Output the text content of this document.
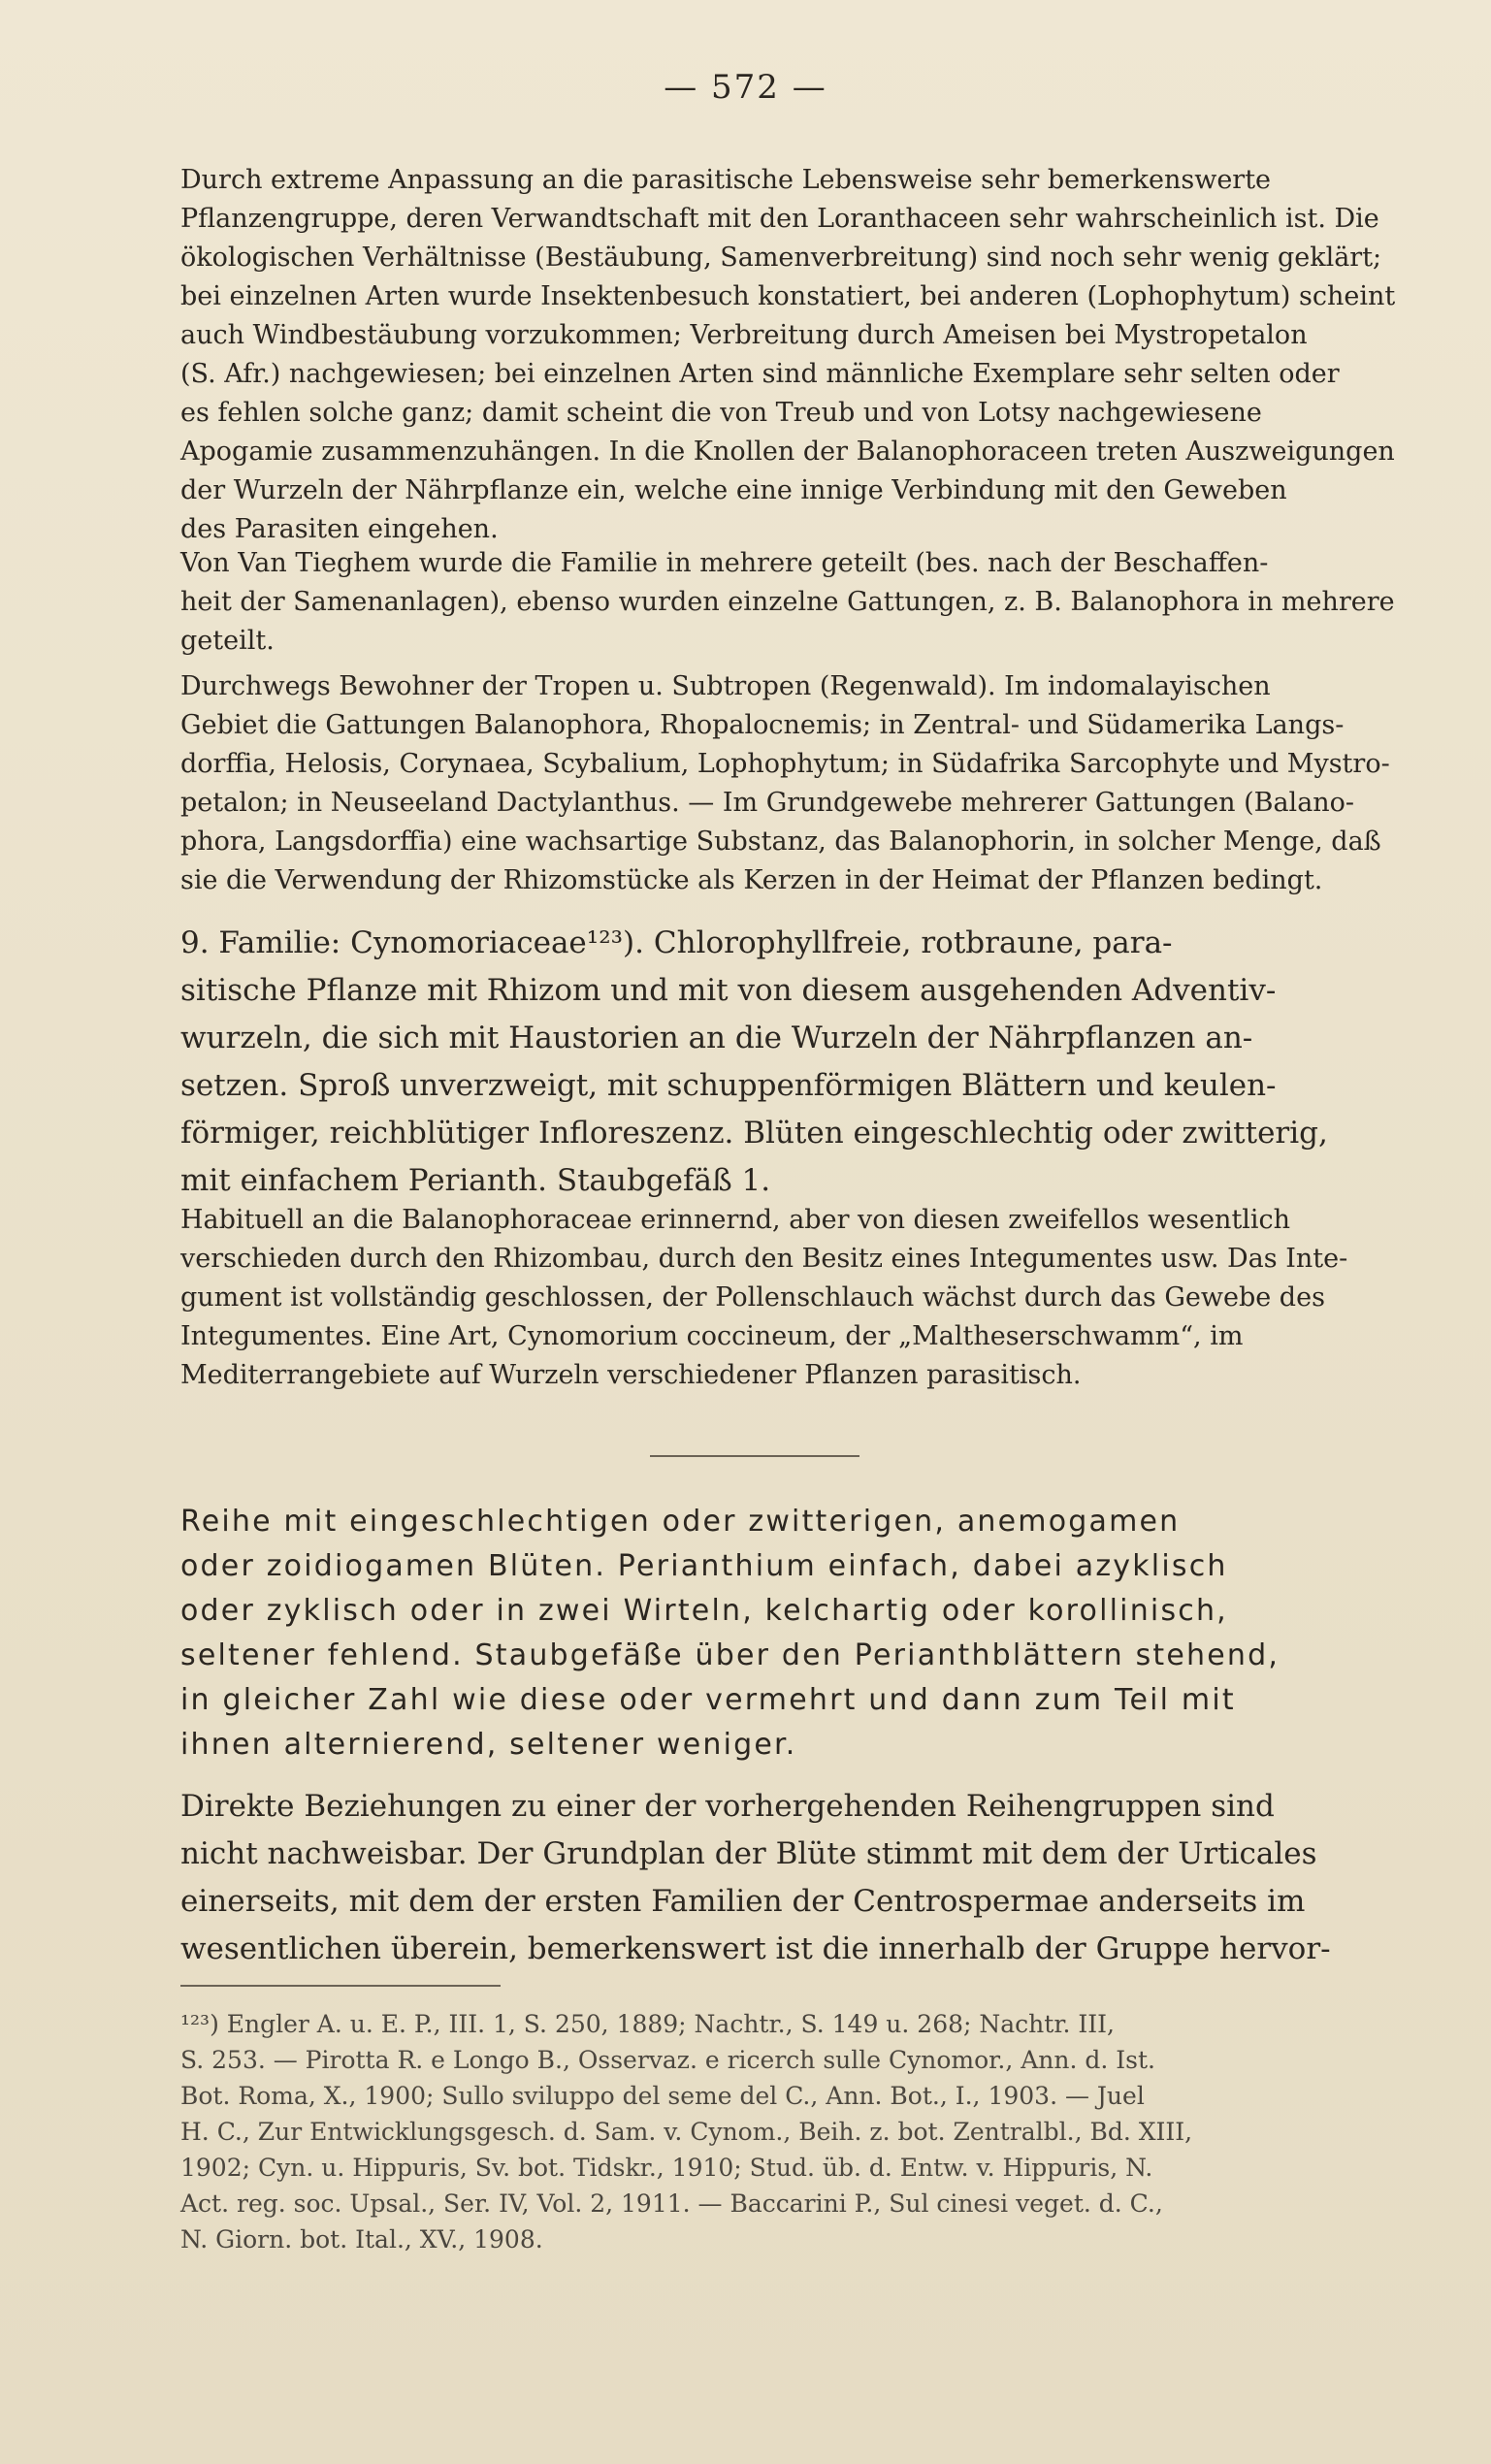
— 572 —
Durch extreme Anpassung an die parasitische Lebensweise sehr bemerkenswerte
Pflanzengruppe, deren Verwandtschaft mit den Loranthaceen sehr wahrscheinlich ist. Die
ökologischen Verhältnisse (Bestäubung, Samenverbreitung) sind noch sehr wenig geklärt;
bei einzelnen Arten wurde Insektenbesuch konstatiert, bei anderen (Lophophytum) scheint
auch Windbestäubung vorzukommen; Verbreitung durch Ameisen bei Mystropetalon
(S. Afr.) nachgewiesen; bei einzelnen Arten sind männliche Exemplare sehr selten oder
es fehlen solche ganz; damit scheint die von Treub und von Lotsy nachgewiesene
Apogamie zusammenzuhängen. In die Knollen der Balanophoraceen treten Auszweigungen
der Wurzeln der Nährpflanze ein, welche eine innige Verbindung mit den Geweben
des Parasiten eingehen.
Von Van Tieghem wurde die Familie in mehrere geteilt (bes. nach der Beschaffen-
heit der Samenanlagen), ebenso wurden einzelne Gattungen, z. B. Balanophora in mehrere
geteilt.
Durchwegs Bewohner der Tropen u. Subtropen (Regenwald). Im indomalayischen
Gebiet die Gattungen Balanophora, Rhopalocnemis; in Zentral- und Südamerika Langs-
dorffia, Helosis, Corynaea, Scybalium, Lophophytum; in Südafrika Sarcophyte und Mystro-
petalon; in Neuseeland Dactylanthus. — Im Grundgewebe mehrerer Gattungen (Balano-
phora, Langsdorffia) eine wachsartige Substanz, das Balanophorin, in solcher Menge, daß
sie die Verwendung der Rhizomstücke als Kerzen in der Heimat der Pflanzen bedingt.
9. Familie: Cynomoriaceae¹²³). Chlorophyllfreie, rotbraune, para-
sitische Pflanze mit Rhizom und mit von diesem ausgehenden Adventiv-
wurzeln, die sich mit Haustorien an die Wurzeln der Nährpflanzen an-
setzen. Sproß unverzweigt, mit schuppenförmigen Blättern und keulen-
förmiger, reichblütiger Infloreszenz. Blüten eingeschlechtig oder zwitterig,
mit einfachem Perianth. Staubgefäß 1.
Habituell an die Balanophoraceae erinnernd, aber von diesen zweifellos wesentlich
verschieden durch den Rhizombau, durch den Besitz eines Integumentes usw. Das Inte-
gument ist vollständig geschlossen, der Pollenschlauch wächst durch das Gewebe des
Integumentes. Eine Art, Cynomorium coccineum, der „Maltheserschwamm“, im
Mediterrangebiete auf Wurzeln verschiedener Pflanzen parasitisch.
Reihe mit eingeschlechtigen oder zwitterigen, anemogamen
oder zoidiogamen Blüten. Perianthium einfach, dabei azyklisch
oder zyklisch oder in zwei Wirteln, kelchartig oder korollinisch,
seltener fehlend. Staubgefäße über den Perianthblättern stehend,
in gleicher Zahl wie diese oder vermehrt und dann zum Teil mit
ihnen alternierend, seltener weniger.
Direkte Beziehungen zu einer der vorhergehenden Reihengruppen sind
nicht nachweisbar. Der Grundplan der Blüte stimmt mit dem der Urticales
einerseits, mit dem der ersten Familien der Centrospermae anderseits im
wesentlichen überein, bemerkenswert ist die innerhalb der Gruppe hervor-
¹²³) Engler A. u. E. P., III. 1, S. 250, 1889; Nachtr., S. 149 u. 268; Nachtr. III,
S. 253. — Pirotta R. e Longo B., Osservaz. e ricerch sulle Cynomor., Ann. d. Ist.
Bot. Roma, X., 1900; Sullo sviluppo del seme del C., Ann. Bot., I., 1903. — Juel
H. C., Zur Entwicklungsgesch. d. Sam. v. Cynom., Beih. z. bot. Zentralbl., Bd. XIII,
1902; Cyn. u. Hippuris, Sv. bot. Tidskr., 1910; Stud. üb. d. Entw. v. Hippuris, N.
Act. reg. soc. Upsal., Ser. IV, Vol. 2, 1911. — Baccarini P., Sul cinesi veget. d. C.,
N. Giorn. bot. Ital., XV., 1908.
